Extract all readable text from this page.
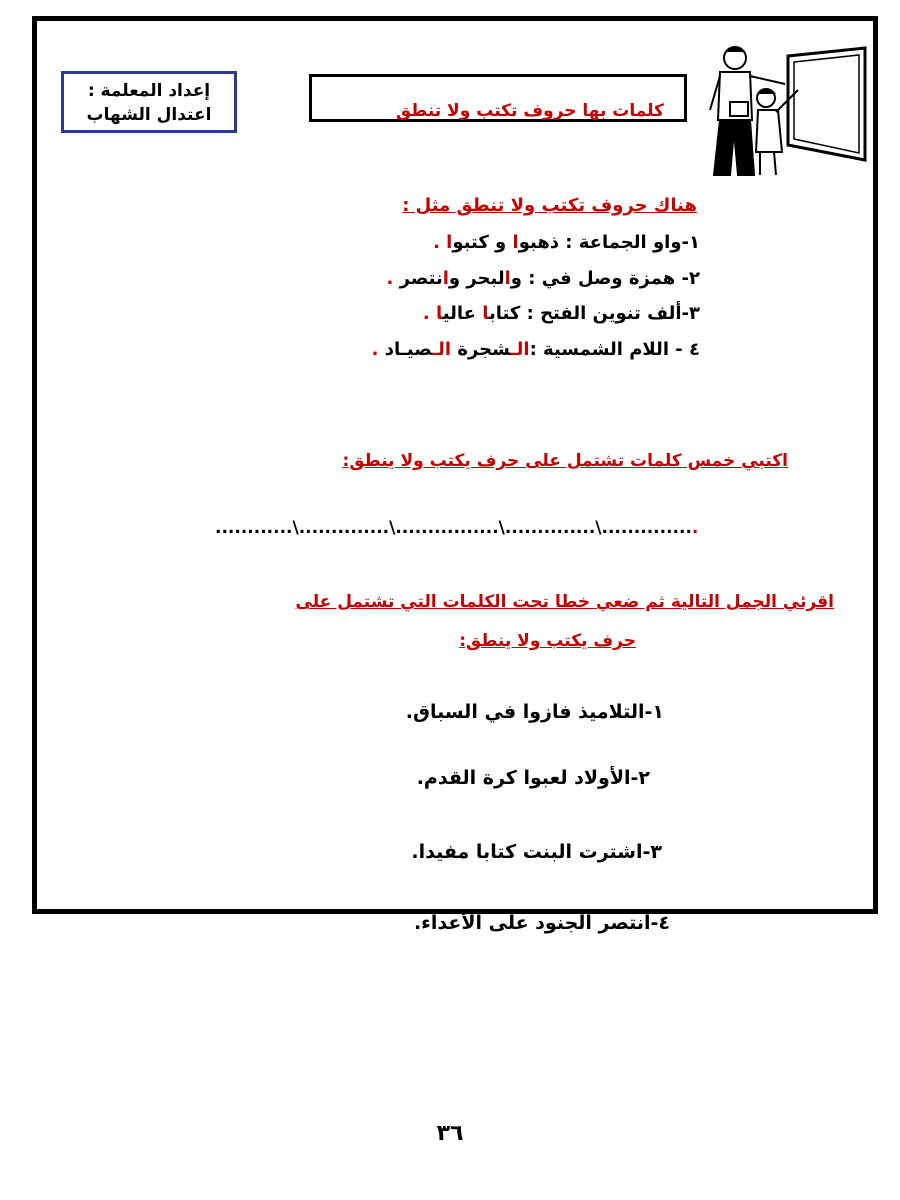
إعداد المعلمة :
اعتدال الشهاب	كلمات بها حروف تكتب ولا تنطق
هناك حروف تكتب ولا تنطق مثل :
١-واو الجماعة : ذهبوا و كتبوا .
٢- همزة وصل في : والبحر وانتصر .
٣-ألف تنوين الفتح : كتابا عاليا .
٤ - اللام الشمسية :الـشجرة الـصيـاد .
اكتبي خمس كلمات تشتمل على حرف يكتب ولا ينطق:
............\..............\................\..............\...............
اقرئي الجمل التالية ثم ضعي خطا تحت الكلمات التي تشتمل على
حرف يكتب ولا ينطق:
١-التلاميذ فازوا في السباق.
٢-الأولاد لعبوا كرة القدم.
٣-اشترت البنت كتابا مفيدا.
٤-انتصر الجنود على الأعداء.
٣٦
